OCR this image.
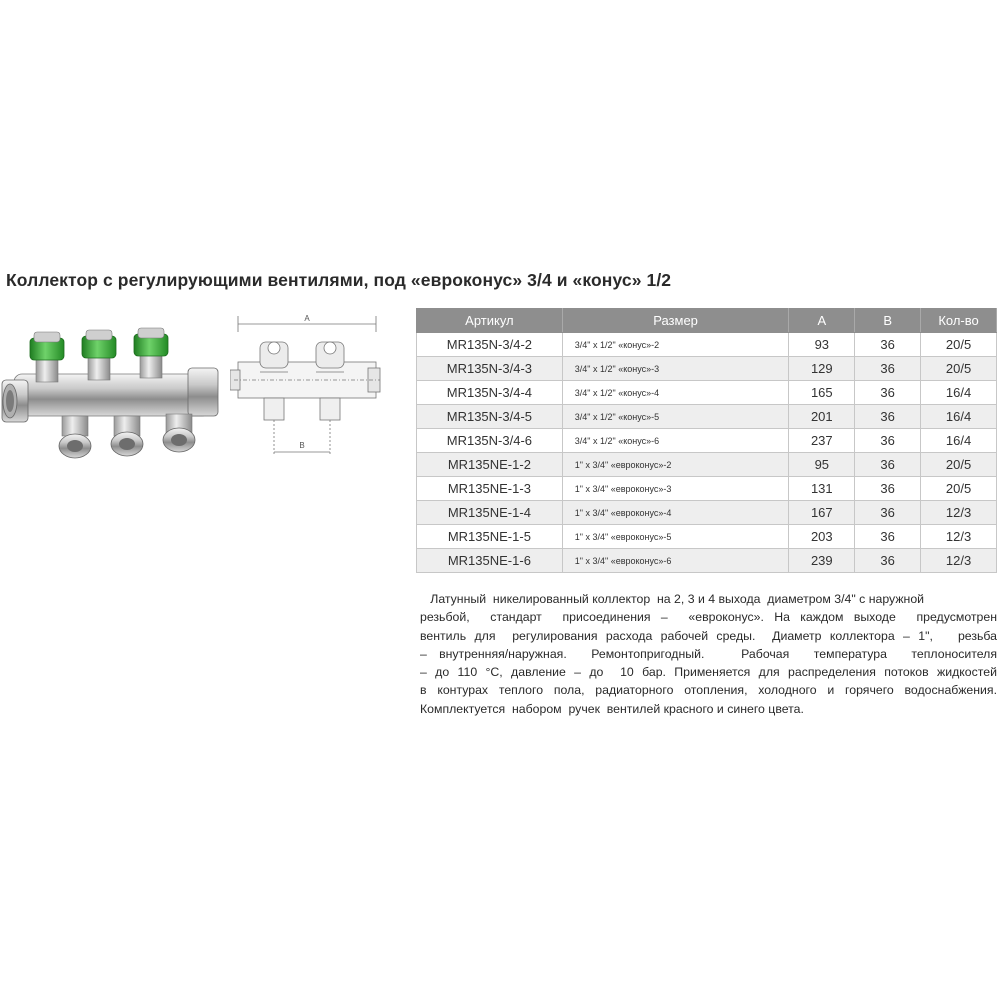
Коллектор с регулирующими вентилями, под «евроконус» 3/4 и «конус» 1/2
A
B
Артикул	Размер	A	B	Кол-во
MR135N-3/4-2	3/4" x 1/2" «конус»-2	93	36	20/5
MR135N-3/4-3	3/4" x 1/2" «конус»-3	129	36	20/5
MR135N-3/4-4	3/4" x 1/2" «конус»-4	165	36	16/4
MR135N-3/4-5	3/4" x 1/2" «конус»-5	201	36	16/4
MR135N-3/4-6	3/4" x 1/2" «конус»-6	237	36	16/4
MR135NE-1-2	1" x 3/4" «евроконус»-2	95	36	20/5
MR135NE-1-3	1" x 3/4" «евроконус»-3	131	36	20/5
MR135NE-1-4	1" x 3/4" «евроконус»-4	167	36	12/3
MR135NE-1-5	1" x 3/4" «евроконус»-5	203	36	12/3
MR135NE-1-6	1" x 3/4" «евроконус»-6	239	36	12/3
Латунный  никелированный коллектор  на 2, 3 и 4 выхода  диаметром 3/4" с наружной
резьбой,  стандарт  присоединения –  «евроконус». На каждом выходе  предусмотрен
вентиль для  регулирования расхода рабочей среды.  Диаметр коллектора – 1",   резьба
– внутренняя/наружная.  Ремонтопригодный.   Рабочая  температура  теплоносителя
– до 110 °С, давление – до  10 бар. Применяется для распределения потоков жидкостей
в контурах теплого пола, радиаторного отопления, холодного и горячего водоснабжения.
Комплектуется  набором  ручек  вентилей красного и синего цвета.
